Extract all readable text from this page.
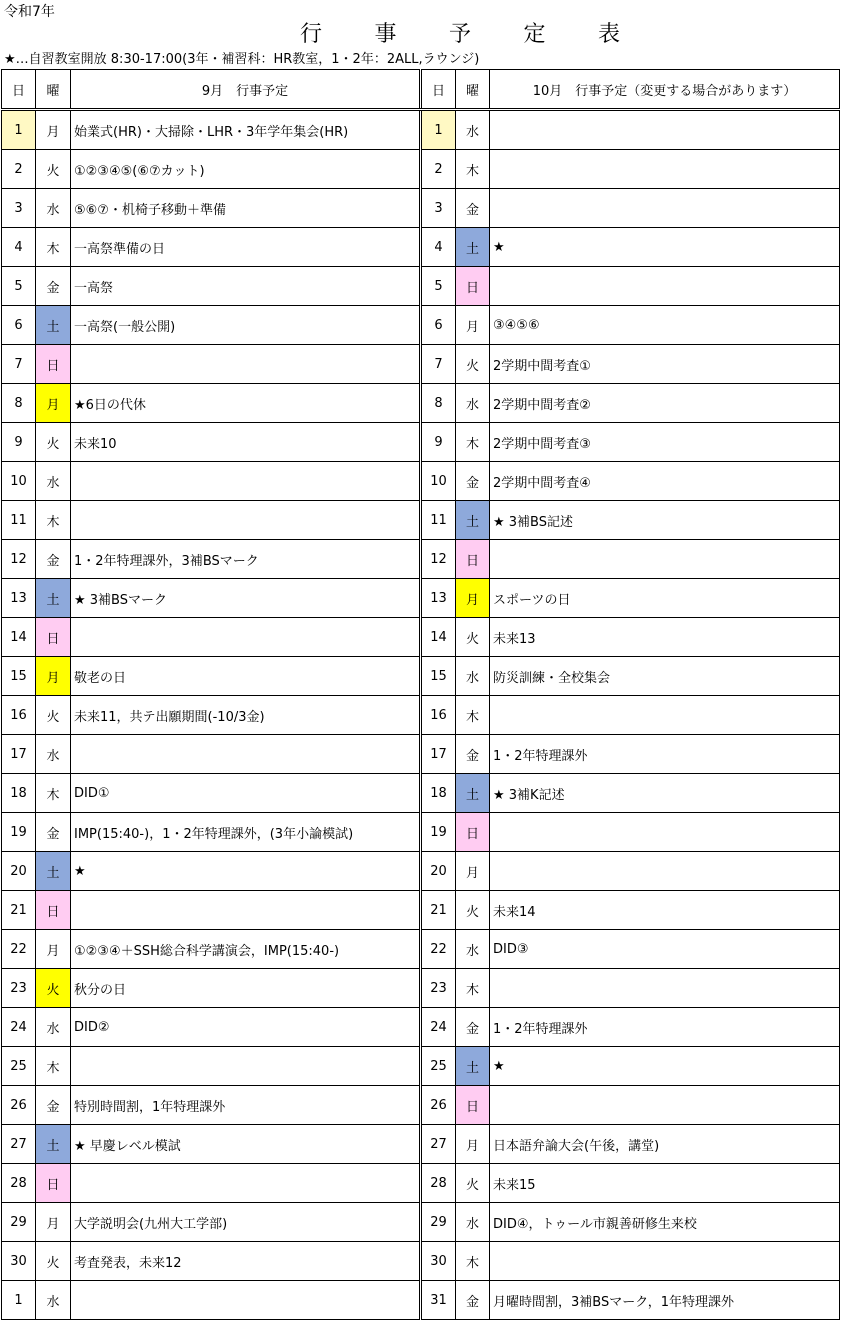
令和7年
行 事 予 定 表
★…自習教室開放 8:30-17:00(3年・補習科：HR教室，1・2年：2ALL,ラウンジ)
日	曜	9月　行事予定	日	曜	10月　行事予定（変更する場合があります）
1	月	始業式(HR)・大掃除・LHR・3年学年集会(HR)	1	水	
2	火	①②③④⑤(⑥⑦カット)	2	木	
3	水	⑤⑥⑦・机椅子移動＋準備	3	金	
4	木	一高祭準備の日	4	土	★
5	金	一高祭	5	日	
6	土	一高祭(一般公開)	6	月	③④⑤⑥
7	日		7	火	2学期中間考査①
8	月	★6日の代休	8	水	2学期中間考査②
9	火	未来10	9	木	2学期中間考査③
10	水		10	金	2学期中間考査④
11	木		11	土	★ 3補BS記述
12	金	1・2年特理課外，3補BSマーク	12	日	
13	土	★ 3補BSマーク	13	月	スポーツの日
14	日		14	火	未来13
15	月	敬老の日	15	水	防災訓練・全校集会
16	火	未来11，共テ出願期間(-10/3金)	16	木	
17	水		17	金	1・2年特理課外
18	木	DID①	18	土	★ 3補K記述
19	金	IMP(15:40-)，1・2年特理課外，(3年小論模試)	19	日	
20	土	★	20	月	
21	日		21	火	未来14
22	月	①②③④＋SSH総合科学講演会，IMP(15:40-)	22	水	DID③
23	火	秋分の日	23	木	
24	水	DID②	24	金	1・2年特理課外
25	木		25	土	★
26	金	特別時間割，1年特理課外	26	日	
27	土	★ 早慶レベル模試	27	月	日本語弁論大会(午後，講堂)
28	日		28	火	未来15
29	月	大学説明会(九州大工学部)	29	水	DID④，トゥール市親善研修生来校
30	火	考査発表，未来12	30	木	
1	水		31	金	月曜時間割，3補BSマーク，1年特理課外
